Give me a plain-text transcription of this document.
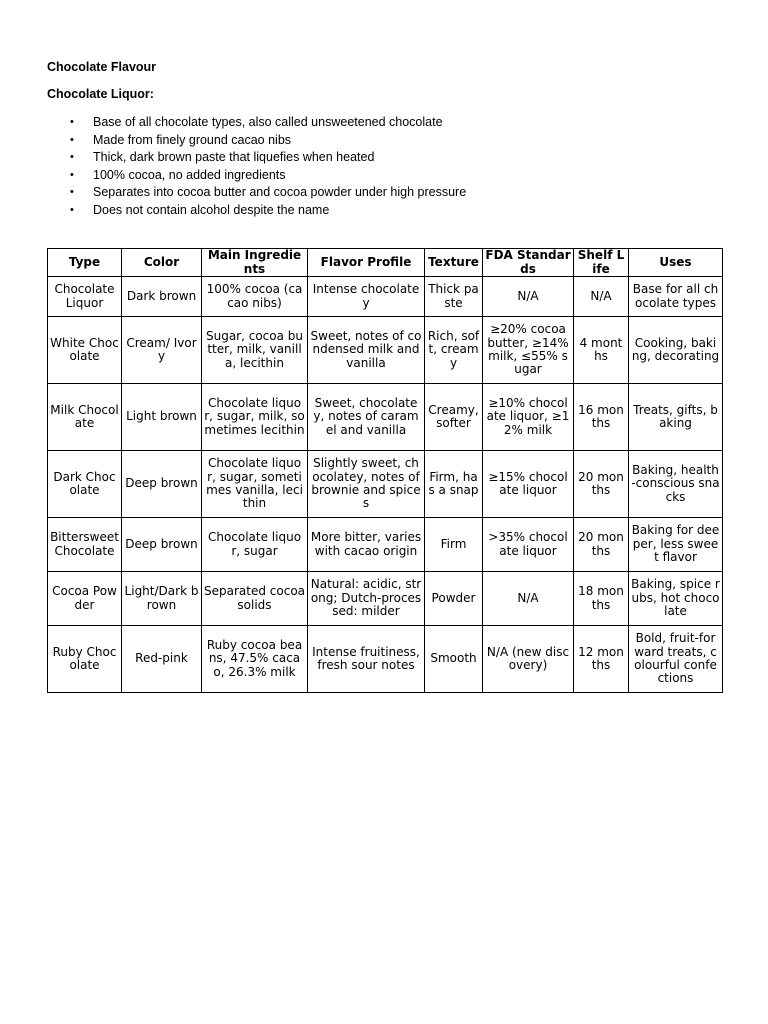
Chocolate Flavour
Chocolate Liquor:
• Base of all chocolate types, also called unsweetened chocolate
• Made from finely ground cacao nibs
• Thick, dark brown paste that liquefies when heated
• 100% cocoa, no added ingredients
• Separates into cocoa butter and cocoa powder under high pressure
• Does not contain alcohol despite the name
Type	Color	Main Ingredients	Flavor Profile	Texture	FDA Standards	Shelf Life	Uses
Chocolate Liquor	Dark brown	100% cocoa (cacao nibs)	Intense chocolatey	Thick paste	N/A	N/A	Base for all chocolate types
White Chocolate	Cream/ Ivory	Sugar, cocoa butter, milk, vanilla, lecithin	Sweet, notes of condensed milk and vanilla	Rich, soft, creamy	≥20% cocoa butter, ≥14% milk, ≤55% sugar	4 months	Cooking, baking, decorating
Milk Chocolate	Light brown	Chocolate liquor, sugar, milk, sometimes lecithin	Sweet, chocolatey, notes of caramel and vanilla	Creamy, softer	≥10% chocolate liquor, ≥12% milk	16 months	Treats, gifts, baking
Dark Chocolate	Deep brown	Chocolate liquor, sugar, sometimes vanilla, lecithin	Slightly sweet, chocolatey, notes of brownie and spices	Firm, has a snap	≥15% chocolate liquor	20 months	Baking, health-conscious snacks
Bittersweet Chocolate	Deep brown	Chocolate liquor, sugar	More bitter, varies with cacao origin	Firm	>35% chocolate liquor	20 months	Baking for deeper, less sweet flavor
Cocoa Powder	Light/Dark brown	Separated cocoa solids	Natural: acidic, strong; Dutch-processed: milder	Powder	N/A	18 months	Baking, spice rubs, hot chocolate
Ruby Chocolate	Red-pink	Ruby cocoa beans, 47.5% cacao, 26.3% milk	Intense fruitiness, fresh sour notes	Smooth	N/A (new discovery)	12 months	Bold, fruit-forward treats, colourful confections
